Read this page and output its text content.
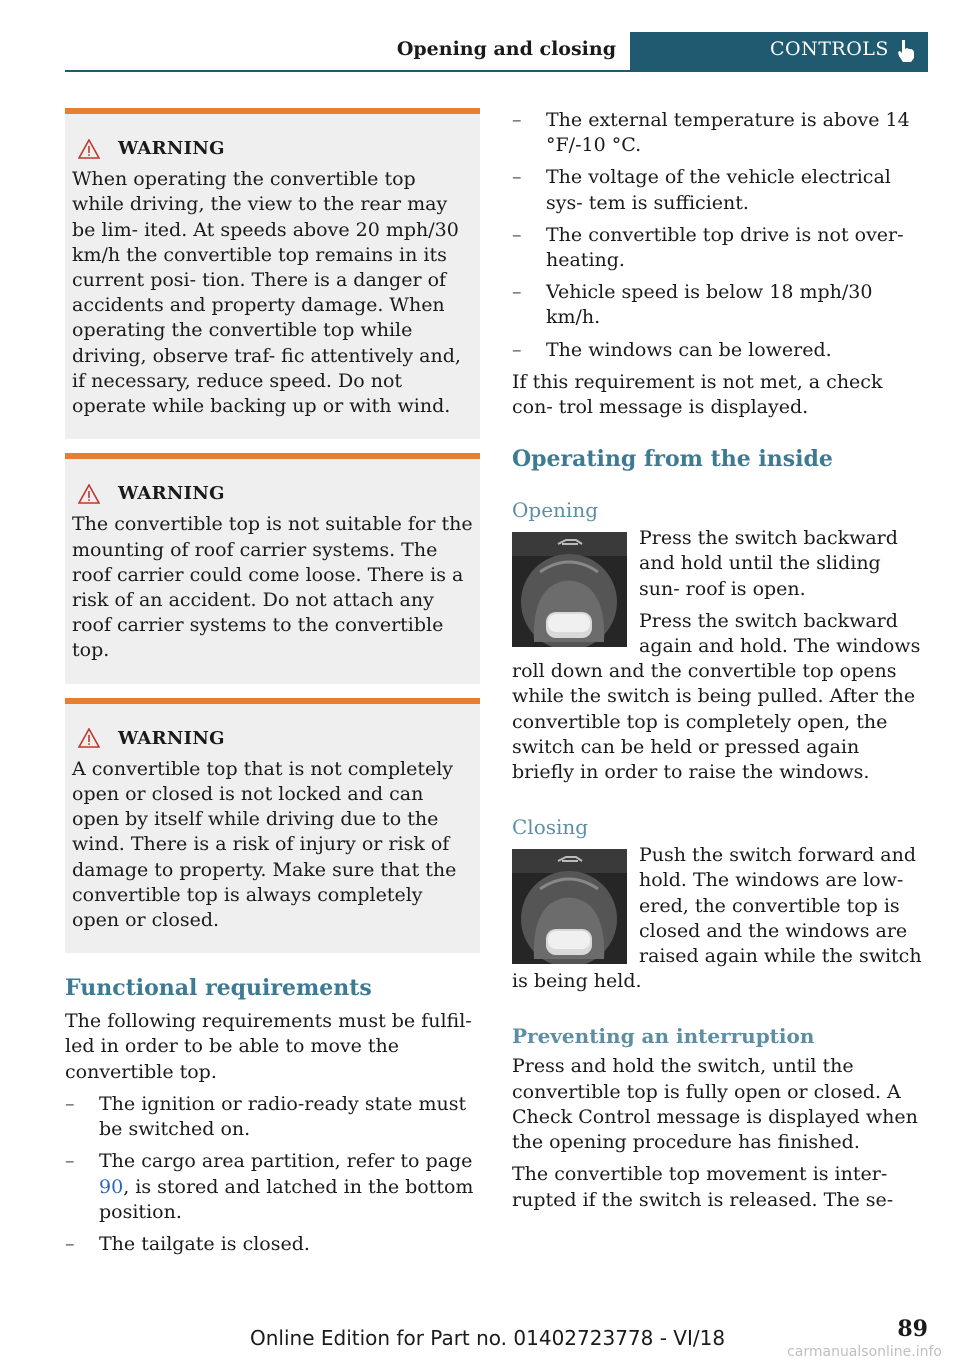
Opening and closing	CONTROLS
WARNING

When operating the convertible top while driving, the view to the rear may be lim- ited. At speeds above 20 mph/30 km/h the convertible top remains in its current posi- tion. There is a danger of accidents and property damage. When operating the convertible top while driving, observe traf- fic attentively and, if necessary, reduce speed. Do not operate while backing up or with wind.

WARNING

The convertible top is not suitable for the mounting of roof carrier systems. The roof carrier could come loose. There is a risk of an accident. Do not attach any roof carrier systems to the convertible top.

WARNING

A convertible top that is not completely open or closed is not locked and can open by itself while driving due to the wind. There is a risk of injury or risk of damage to property. Make sure that the convertible top is always completely open or closed.

Functional requirements

The following requirements must be fulfil- led in order to be able to move the convertible top.

– The ignition or radio-ready state must be switched on.
– The cargo area partition, refer to page 90, is stored and latched in the bottom position.
– The tailgate is closed.
– The external temperature is above 14 °F/-10 °C.
– The voltage of the vehicle electrical sys- tem is sufficient.
– The convertible top drive is not over- heating.
– Vehicle speed is below 18 mph/30 km/h.
– The windows can be lowered.

If this requirement is not met, a check con- trol message is displayed.

Operating from the inside
Opening

Press the switch backward and hold until the sliding sun- roof is open.

Press the switch backward again and hold. The windows roll down and the convertible top opens while the switch is being pulled. After the convertible top is completely open, the switch can be held or pressed again briefly in order to raise the windows.

Closing

Push the switch forward and hold. The windows are low- ered, the convertible top is closed and the windows are raised again while the switch is being held.

Preventing an interruption

Press and hold the switch, until the convertible top is fully open or closed. A Check Control message is displayed when the opening procedure has finished.

The convertible top movement is inter- rupted if the switch is released. The se-

Online Edition for Part no. 01402723778 - VI/18	89
carmanualsonline.info
